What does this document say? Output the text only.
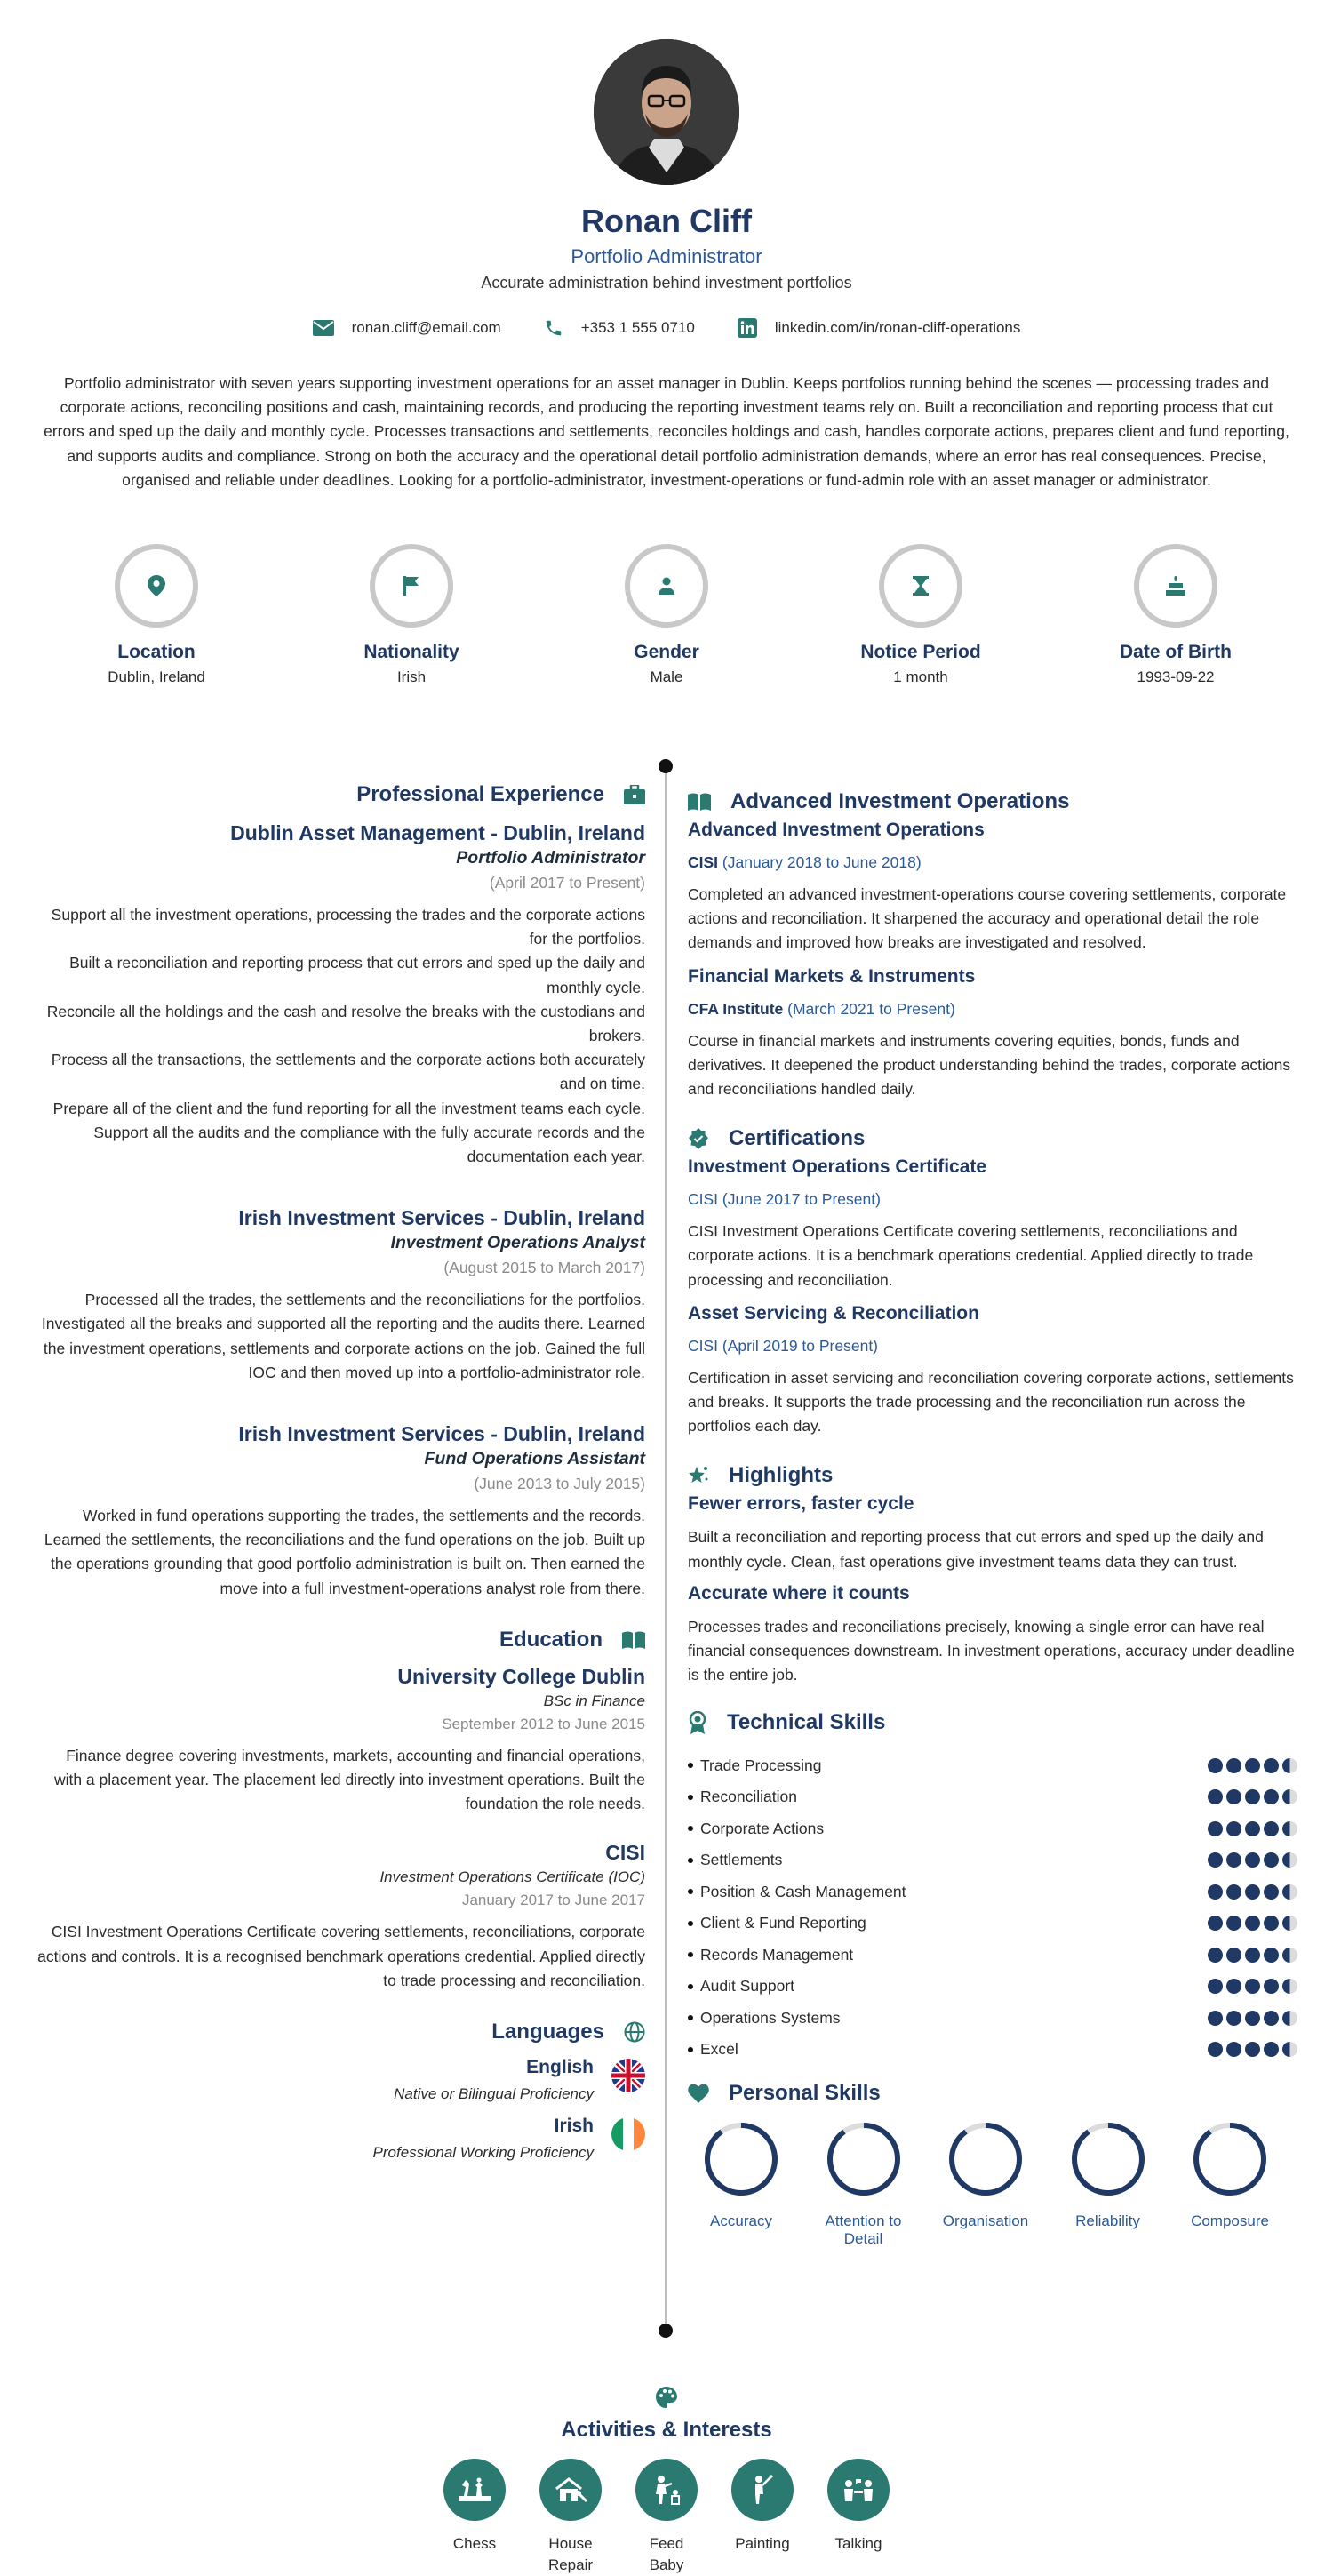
Ronan Cliff
Portfolio Administrator
Accurate administration behind investment portfolios
ronan.cliff@email.com	+353 1 555 0710	linkedin.com/in/ronan-cliff-operations
Portfolio administrator with seven years supporting investment operations for an asset manager in Dublin. Keeps portfolios running behind the scenes — processing trades and corporate actions, reconciling positions and cash, maintaining records, and producing the reporting investment teams rely on. Built a reconciliation and reporting process that cut errors and sped up the daily and monthly cycle. Processes transactions and settlements, reconciles holdings and cash, handles corporate actions, prepares client and fund reporting, and supports audits and compliance. Strong on both the accuracy and the operational detail portfolio administration demands, where an error has real consequences. Precise, organised and reliable under deadlines. Looking for a portfolio-administrator, investment-operations or fund-admin role with an asset manager or administrator.
Location
Dublin, Ireland
Nationality
Irish
Gender
Male
Notice Period
1 month
Date of Birth
1993-09-22
Professional Experience
Dublin Asset Management - Dublin, Ireland
Portfolio Administrator
(April 2017 to Present)
Support all the investment operations, processing the trades and the corporate actions for the portfolios.
Built a reconciliation and reporting process that cut errors and sped up the daily and monthly cycle.
Reconcile all the holdings and the cash and resolve the breaks with the custodians and brokers.
Process all the transactions, the settlements and the corporate actions both accurately and on time.
Prepare all of the client and the fund reporting for all the investment teams each cycle.
Support all the audits and the compliance with the fully accurate records and the documentation each year.
Irish Investment Services - Dublin, Ireland
Investment Operations Analyst
(August 2015 to March 2017)
Processed all the trades, the settlements and the reconciliations for the portfolios. Investigated all the breaks and supported all the reporting and the audits there. Learned the investment operations, settlements and corporate actions on the job. Gained the full IOC and then moved up into a portfolio-administrator role.
Irish Investment Services - Dublin, Ireland
Fund Operations Assistant
(June 2013 to July 2015)
Worked in fund operations supporting the trades, the settlements and the records. Learned the settlements, the reconciliations and the fund operations on the job. Built up the operations grounding that good portfolio administration is built on. Then earned the move into a full investment-operations analyst role from there.
Education
University College Dublin
BSc in Finance
September 2012 to June 2015
Finance degree covering investments, markets, accounting and financial operations, with a placement year. The placement led directly into investment operations. Built the foundation the role needs.
CISI
Investment Operations Certificate (IOC)
January 2017 to June 2017
CISI Investment Operations Certificate covering settlements, reconciliations, corporate actions and controls. It is a recognised benchmark operations credential. Applied directly to trade processing and reconciliation.
Languages
English
Native or Bilingual Proficiency
Irish
Professional Working Proficiency
Advanced Investment Operations
Advanced Investment Operations
CISI (January 2018 to June 2018)
Completed an advanced investment-operations course covering settlements, corporate actions and reconciliation. It sharpened the accuracy and operational detail the role demands and improved how breaks are investigated and resolved.
Financial Markets & Instruments
CFA Institute (March 2021 to Present)
Course in financial markets and instruments covering equities, bonds, funds and derivatives. It deepened the product understanding behind the trades, corporate actions and reconciliations handled daily.
Certifications
Investment Operations Certificate
CISI (June 2017 to Present)
CISI Investment Operations Certificate covering settlements, reconciliations and corporate actions. It is a benchmark operations credential. Applied directly to trade processing and reconciliation.
Asset Servicing & Reconciliation
CISI (April 2019 to Present)
Certification in asset servicing and reconciliation covering corporate actions, settlements and breaks. It supports the trade processing and the reconciliation run across the portfolios each day.
Highlights
Fewer errors, faster cycle
Built a reconciliation and reporting process that cut errors and sped up the daily and monthly cycle. Clean, fast operations give investment teams data they can trust.
Accurate where it counts
Processes trades and reconciliations precisely, knowing a single error can have real financial consequences downstream. In investment operations, accuracy under deadline is the entire job.
Technical Skills
Trade Processing
Reconciliation
Corporate Actions
Settlements
Position & Cash Management
Client & Fund Reporting
Records Management
Audit Support
Operations Systems
Excel
Personal Skills
Accuracy	Attention to Detail
Organisation	Reliability	Composure
Activities & Interests
Chess	House Repair
Feed Baby
Painting	Talking
